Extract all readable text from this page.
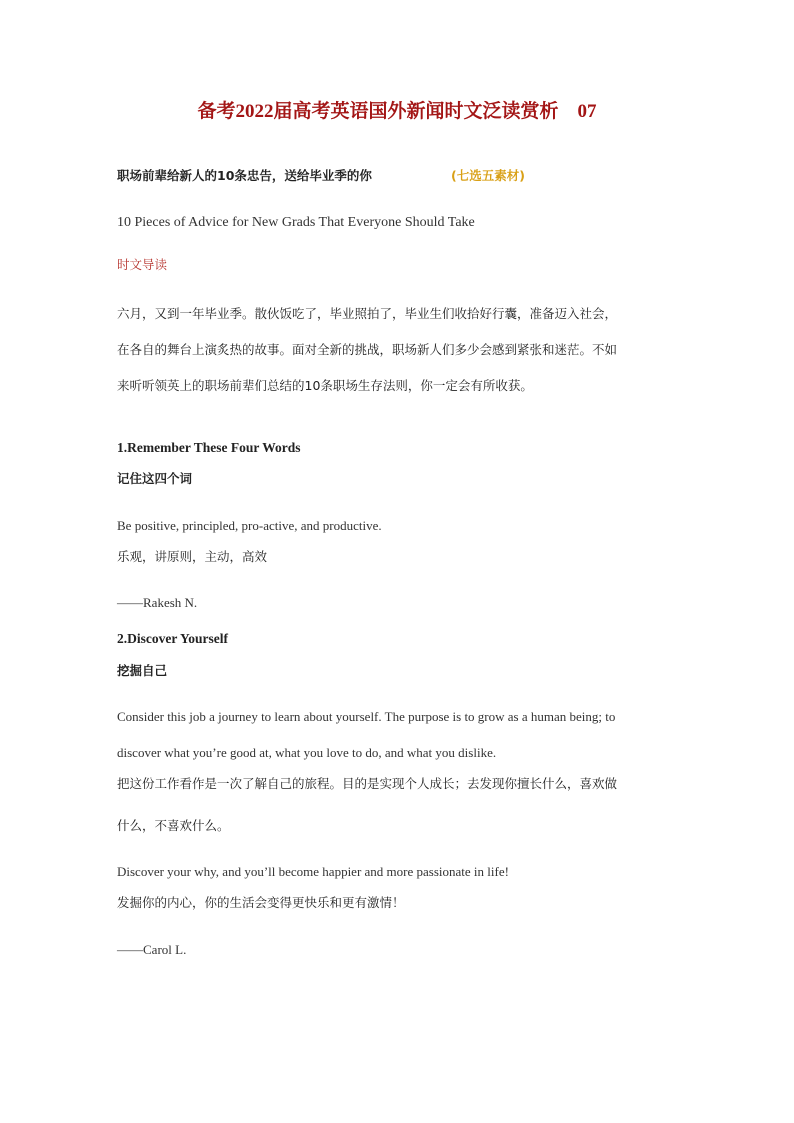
备考2022届高考英语国外新闻时文泛读赏析    07
职场前辈给新人的10条忠告，送给毕业季的你	(七选五素材)
10 Pieces of Advice for New Grads That Everyone Should Take
时文导读
六月，又到一年毕业季。散伙饭吃了，毕业照拍了，毕业生们收拾好行囊，准备迈入社会，
在各自的舞台上演炙热的故事。面对全新的挑战，职场新人们多少会感到紧张和迷茫。不如
来听听领英上的职场前辈们总结的10条职场生存法则，你一定会有所收获。
1.Remember These Four Words
记住这四个词
Be positive, principled, pro-active, and productive.
乐观，讲原则，主动，高效
——Rakesh N.
2.Discover Yourself
挖掘自己
Consider this job a journey to learn about yourself. The purpose is to grow as a human being; to
discover what you’re good at, what you love to do, and what you dislike.
把这份工作看作是一次了解自己的旅程。目的是实现个人成长；去发现你擅长什么，喜欢做
什么，不喜欢什么。
Discover your why, and you’ll become happier and more passionate in life!
发掘你的内心，你的生活会变得更快乐和更有激情！
——Carol L.
